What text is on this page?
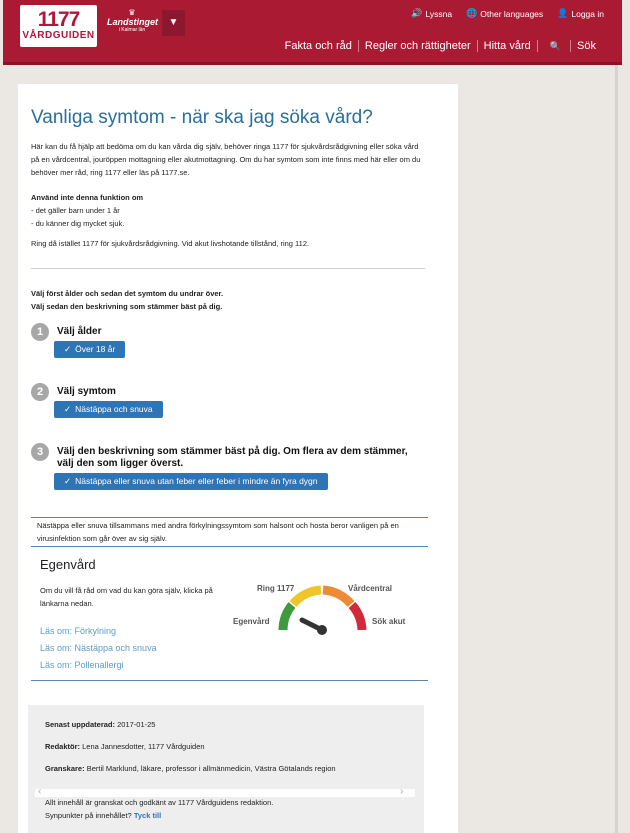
1177
VÅRDGUIDEN
♛
Landstinget
i Kalmar län
▼
🔊 Lyssna 🌐 Other languages 👤 Logga in
Fakta och råd	Regler och rättigheter	Hitta vård	🔍 Sök
Vanliga symtom - när ska jag söka vård?

Här kan du få hjälp att bedöma om du kan vårda dig själv, behöver ringa 1177 för sjukvårdsrådgivning eller söka vård på en vårdcentral, jouröppen mottagning eller akutmottagning. Om du har symtom som inte finns med här eller om du behöver mer råd, ring 1177 eller läs på 1177.se.

Använd inte denna funktion om

- det gäller barn under 1 år

- du känner dig mycket sjuk.

Ring då istället 1177 för sjukvårdsrådgivning. Vid akut livshotande tillstånd, ring 112.

Välj först ålder och sedan det symtom du undrar över.

Välj sedan den beskrivning som stämmer bäst på dig.

1	Välj ålder
✓ Över 18 år
2	Välj symtom
✓ Nästäppa och snuva
3	Välj den beskrivning som stämmer bäst på dig. Om flera av dem stämmer, välj den som ligger överst.
✓ Nästäppa eller snuva utan feber eller feber i mindre än fyra dygn
Nästäppa eller snuva tillsammans med andra förkylningssymtom som halsont och hosta beror vanligen på en virusinfektion som går över av sig själv.
Egenvård
Om du vill få råd om vad du kan göra själv, klicka på länkarna nedan.
Läs om: Förkylning
Läs om: Nästäppa och snuva
Läs om: Pollenallergi
Egenvård
Ring 1177	Vårdcentral
Sök akut
Senast uppdaterad: 2017-01-25
Redaktör: Lena Jannesdotter, 1177 Vårdguiden
Granskare: Bertil Marklund, läkare, professor i allmänmedicin, Västra Götalands region
‹	›
Allt innehåll är granskat och godkänt av 1177 Vårdguidens redaktion.
Synpunkter på innehållet? Tyck till
